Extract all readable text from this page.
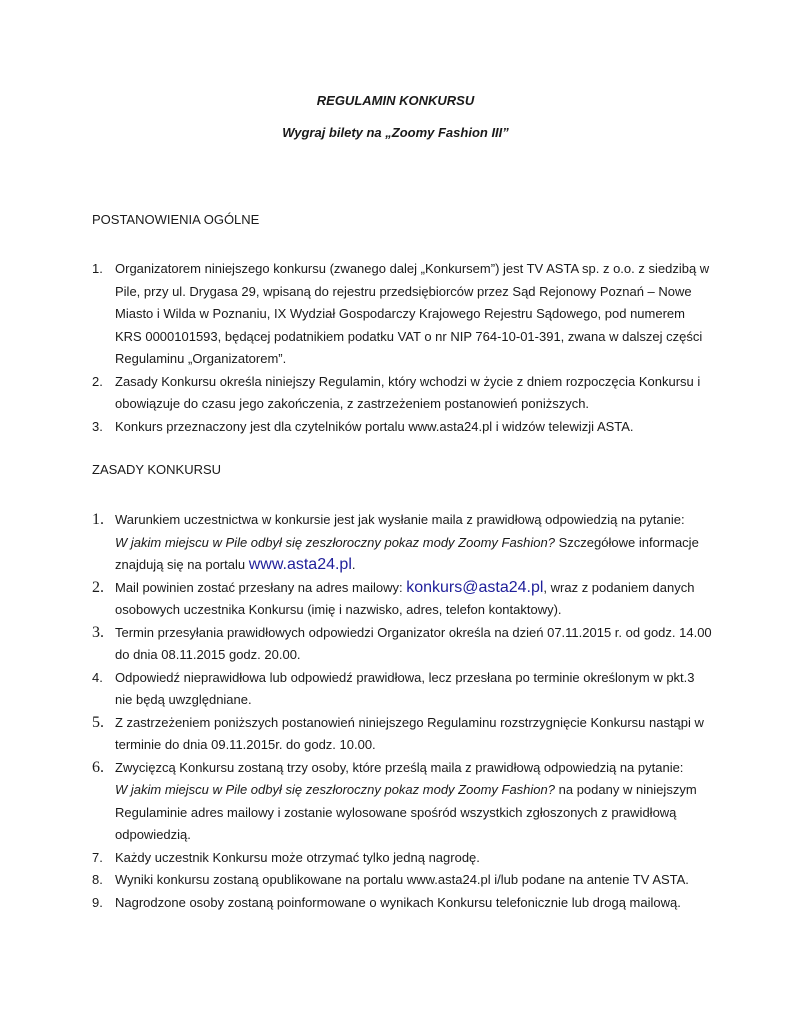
REGULAMIN KONKURSU
Wygraj bilety na „Zoomy Fashion III”
POSTANOWIENIA OGÓLNE
1. Organizatorem niniejszego konkursu (zwanego dalej „Konkursem”) jest TV ASTA sp. z o.o. z siedzibą w Pile, przy ul. Drygasa 29, wpisaną do rejestru przedsiębiorców przez Sąd Rejonowy Poznań – Nowe Miasto i Wilda w Poznaniu, IX Wydział Gospodarczy Krajowego Rejestru Sądowego, pod numerem KRS 0000101593, będącej podatnikiem podatku VAT o nr NIP 764-10-01-391, zwana w dalszej części Regulaminu „Organizatorem”.
2. Zasady Konkursu określa niniejszy Regulamin, który wchodzi w życie z dniem rozpoczęcia Konkursu i obowiązuje do czasu jego zakończenia, z zastrzeżeniem postanowień poniższych.
3. Konkurs przeznaczony jest dla czytelników portalu www.asta24.pl i widzów telewizji ASTA.
ZASADY KONKURSU
1. Warunkiem uczestnictwa w konkursie jest jak wysłanie maila z prawidłową odpowiedzią na pytanie:
W jakim miejscu w Pile odbył się zeszłoroczny pokaz mody Zoomy Fashion? Szczegółowe informacje znajdują się na portalu www.asta24.pl.
2. Mail powinien zostać przesłany na adres mailowy: konkurs@asta24.pl, wraz z podaniem danych osobowych uczestnika Konkursu (imię i nazwisko, adres, telefon kontaktowy).
3. Termin przesyłania prawidłowych odpowiedzi Organizator określa na dzień 07.11.2015 r. od godz. 14.00 do dnia 08.11.2015 godz. 20.00.
4. Odpowiedź nieprawidłowa lub odpowiedź prawidłowa, lecz przesłana po terminie określonym w pkt.3 nie będą uwzględniane.
5. Z zastrzeżeniem poniższych postanowień niniejszego Regulaminu rozstrzygnięcie Konkursu nastąpi w terminie do dnia 09.11.2015r. do godz. 10.00.
6. Zwycięzcą Konkursu zostaną trzy osoby, które prześlą maila z prawidłową odpowiedzią na pytanie:
W jakim miejscu w Pile odbył się zeszłoroczny pokaz mody Zoomy Fashion? na podany w niniejszym Regulaminie adres mailowy i zostanie wylosowane spośród wszystkich zgłoszonych z prawidłową odpowiedzią.
7. Każdy uczestnik Konkursu może otrzymać tylko jedną nagrodę.
8. Wyniki konkursu zostaną opublikowane na portalu www.asta24.pl i/lub podane na antenie TV ASTA.
9. Nagrodzone osoby zostaną poinformowane o wynikach Konkursu telefonicznie lub drogą mailową.
